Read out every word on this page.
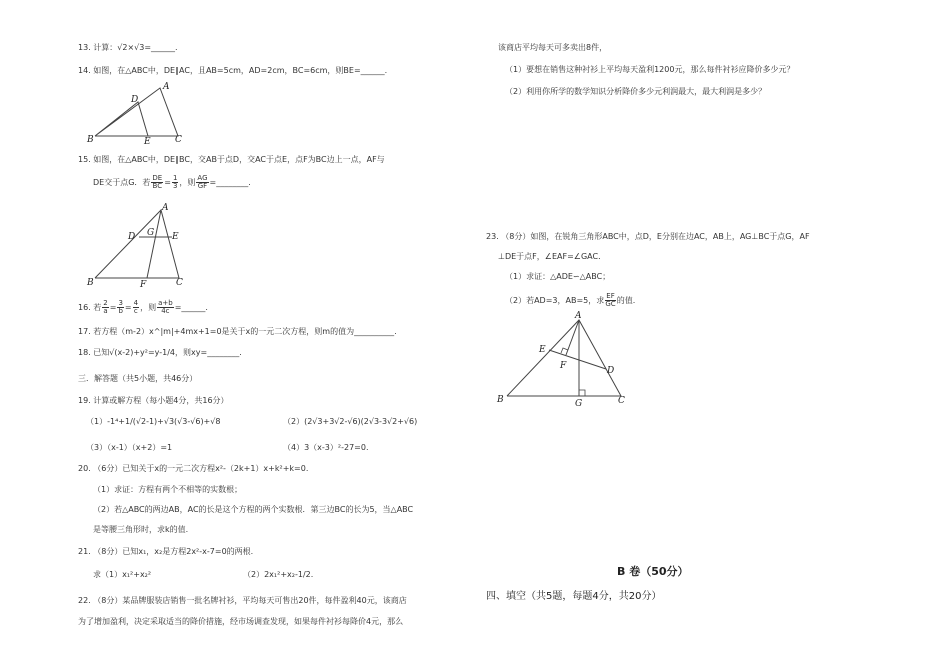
13. 计算：√2×√3=______.
14. 如图，在△ABC中，DE∥AC，且AB=5cm，AD=2cm，BC=6cm，则BE=______.
A
D
B	E	C
15. 如图，在△ABC中，DE∥BC，交AB于点D，交AC于点E，点F为BC边上一点，AF与
DE交于点G．若 $\frac{DE}{BC} = \frac{1}{3}$ ，则 $\frac{AG}{GF}$ =________.
A
D G E
B	F	C
16. 若 $\frac{2}{a} = \frac{3}{b} = \frac{4}{c}$ ，则 $\frac{a+b}{4c}$ =______.
17. 若方程（m-2）x^|m|+4mx+1=0是关于x的一元二次方程，则m的值为__________.
18. 已知√(x-2)+y²=y-1/4，则xy=________.
三．解答题（共5小题，共46分）
19. 计算或解方程（每小题4分，共16分）
（1）-1⁴+1/(√2-1)+√3(√3-√6)+√8	（2）(2√3+3√2-√6)(2√3-3√2+√6)
（3）（x-1）（x+2）=1	（4）3（x-3）²-27=0.
20. （6分）已知关于x的一元二次方程x²-（2k+1）x+k²+k=0.
（1）求证：方程有两个不相等的实数根；
（2）若△ABC的两边AB，AC的长是这个方程的两个实数根．第三边BC的长为5，当△ABC
是等腰三角形时，求k的值.
21. （8分）已知x₁，x₂是方程2x²-x-7=0的两根.
求（1）x₁²+x₂²	（2）2x₁²+x₂-1/2.
22. （8分）某品牌服装店销售一批名牌衬衫，平均每天可售出20件，每件盈利40元，该商店
为了增加盈利，决定采取适当的降价措施，经市场调查发现，如果每件衬衫每降价4元，那么
该商店平均每天可多卖出8件，
（1）要想在销售这种衬衫上平均每天盈利1200元，那么每件衬衫应降价多少元？
（2）利用你所学的数学知识分析降价多少元利润最大，最大利润是多少？
23. （8分）如图，在锐角三角形ABC中，点D，E分别在边AC，AB上，AG⊥BC于点G，AF
⊥DE于点F，∠EAF=∠GAC．
（1）求证：△ADE∽△ABC；
（2）若AD=3，AB=5，求 $\frac{EF}{GC}$ 的值.
A
E
F	D
B	G	C
B 卷（50分）
四、填空（共5题，每题4分，共20分）
